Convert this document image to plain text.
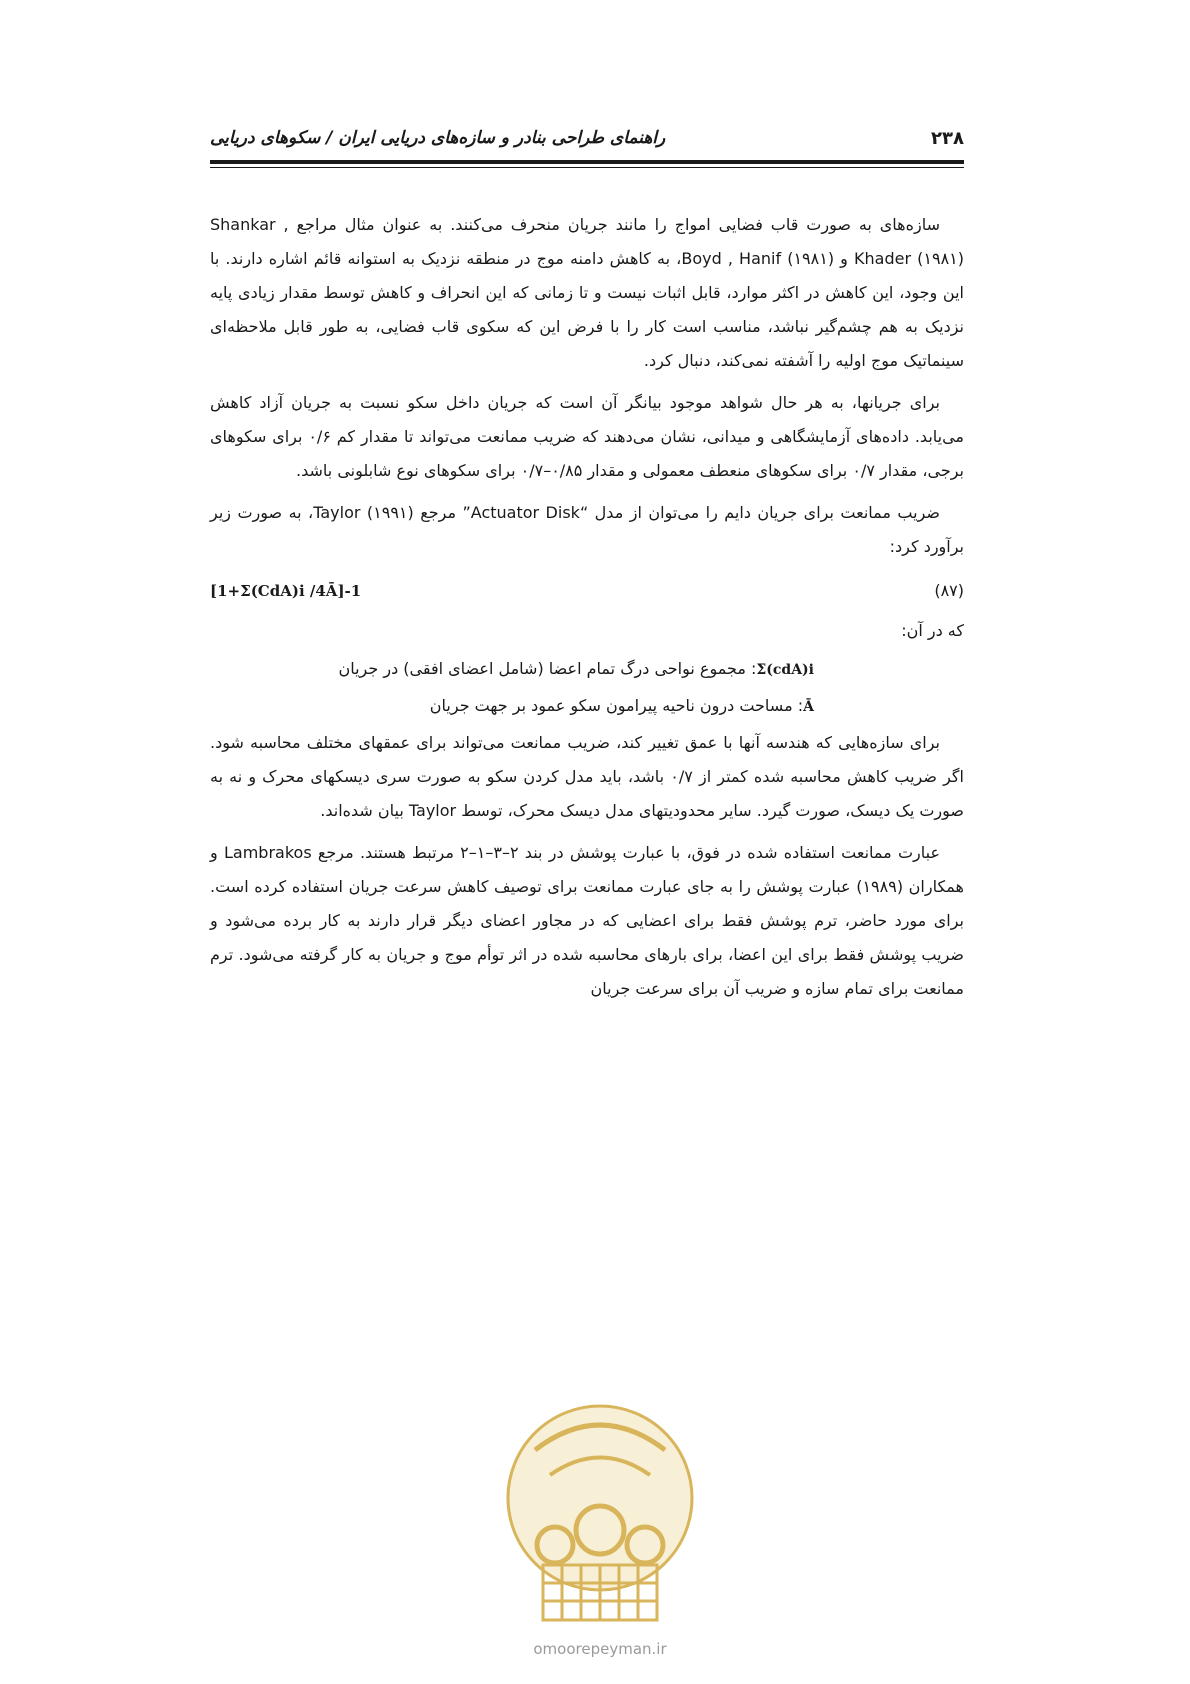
راهنمای طراحی بنادر و سازه‌های دریایی ایران / سکوهای دریایی	۲۳۸

سازه‌های به صورت قاب فضایی امواج را مانند جریان منحرف می‌کنند. به عنوان مثال مراجع Shankar , Khader (۱۹۸۱) و Boyd , Hanif (۱۹۸۱)، به کاهش دامنه موج در منطقه نزدیک به استوانه قائم اشاره دارند. با این وجود، این کاهش در اکثر موارد، قابل اثبات نیست و تا زمانی که این انحراف و کاهش توسط مقدار زیادی پایه نزدیک به هم چشم‌گیر نباشد، مناسب است کار را با فرض این که سکوی قاب فضایی، به طور قابل ملاحظه‌ای سینماتیک موج اولیه را آشفته نمی‌کند، دنبال کرد.

برای جریانها، به هر حال شواهد موجود بیانگر آن است که جریان داخل سکو نسبت به جریان آزاد کاهش می‌یابد. داده‌های آزمایشگاهی و میدانی، نشان می‌دهند که ضریب ممانعت می‌تواند تا مقدار کم ۰/۶ برای سکوهای برجی، مقدار ۰/۷ برای سکوهای منعطف معمولی و مقدار ۰/۸۵–۰/۷ برای سکوهای نوع شابلونی باشد.

ضریب ممانعت برای جریان دایم را می‌توان از مدل “Actuator Disk” مرجع Taylor (۱۹۹۱)، به صورت زیر برآورد کرد:

[1+Σ(CdA)i /4Ā]-1	(۸۷)

که در آن:

Σ(cdA)i: مجموع نواحی درگ تمام اعضا (شامل اعضای افقی) در جریان

Ā: مساحت درون ناحیه پیرامون سکو عمود بر جهت جریان

برای سازه‌هایی که هندسه آنها با عمق تغییر کند، ضریب ممانعت می‌تواند برای عمقهای مختلف محاسبه شود. اگر ضریب کاهش محاسبه شده کمتر از ۰/۷ باشد، باید مدل کردن سکو به صورت سری دیسکهای محرک و نه به صورت یک دیسک، صورت گیرد. سایر محدودیتهای مدل دیسک محرک، توسط Taylor بیان شده‌اند.

عبارت ممانعت استفاده شده در فوق، با عبارت پوشش در بند ۲–۳–۱–۲ مرتبط هستند. مرجع Lambrakos و همکاران (۱۹۸۹) عبارت پوشش را به جای عبارت ممانعت برای توصیف کاهش سرعت جریان استفاده کرده است. برای مورد حاضر، ترم پوشش فقط برای اعضایی که در مجاور اعضای دیگر قرار دارند به کار برده می‌شود و ضریب پوشش فقط برای این اعضا، برای بارهای محاسبه شده در اثر توأم موج و جریان به کار گرفته می‌شود. ترم ممانعت برای تمام سازه و ضریب آن برای سرعت جریان

omoorepeyman.ir
